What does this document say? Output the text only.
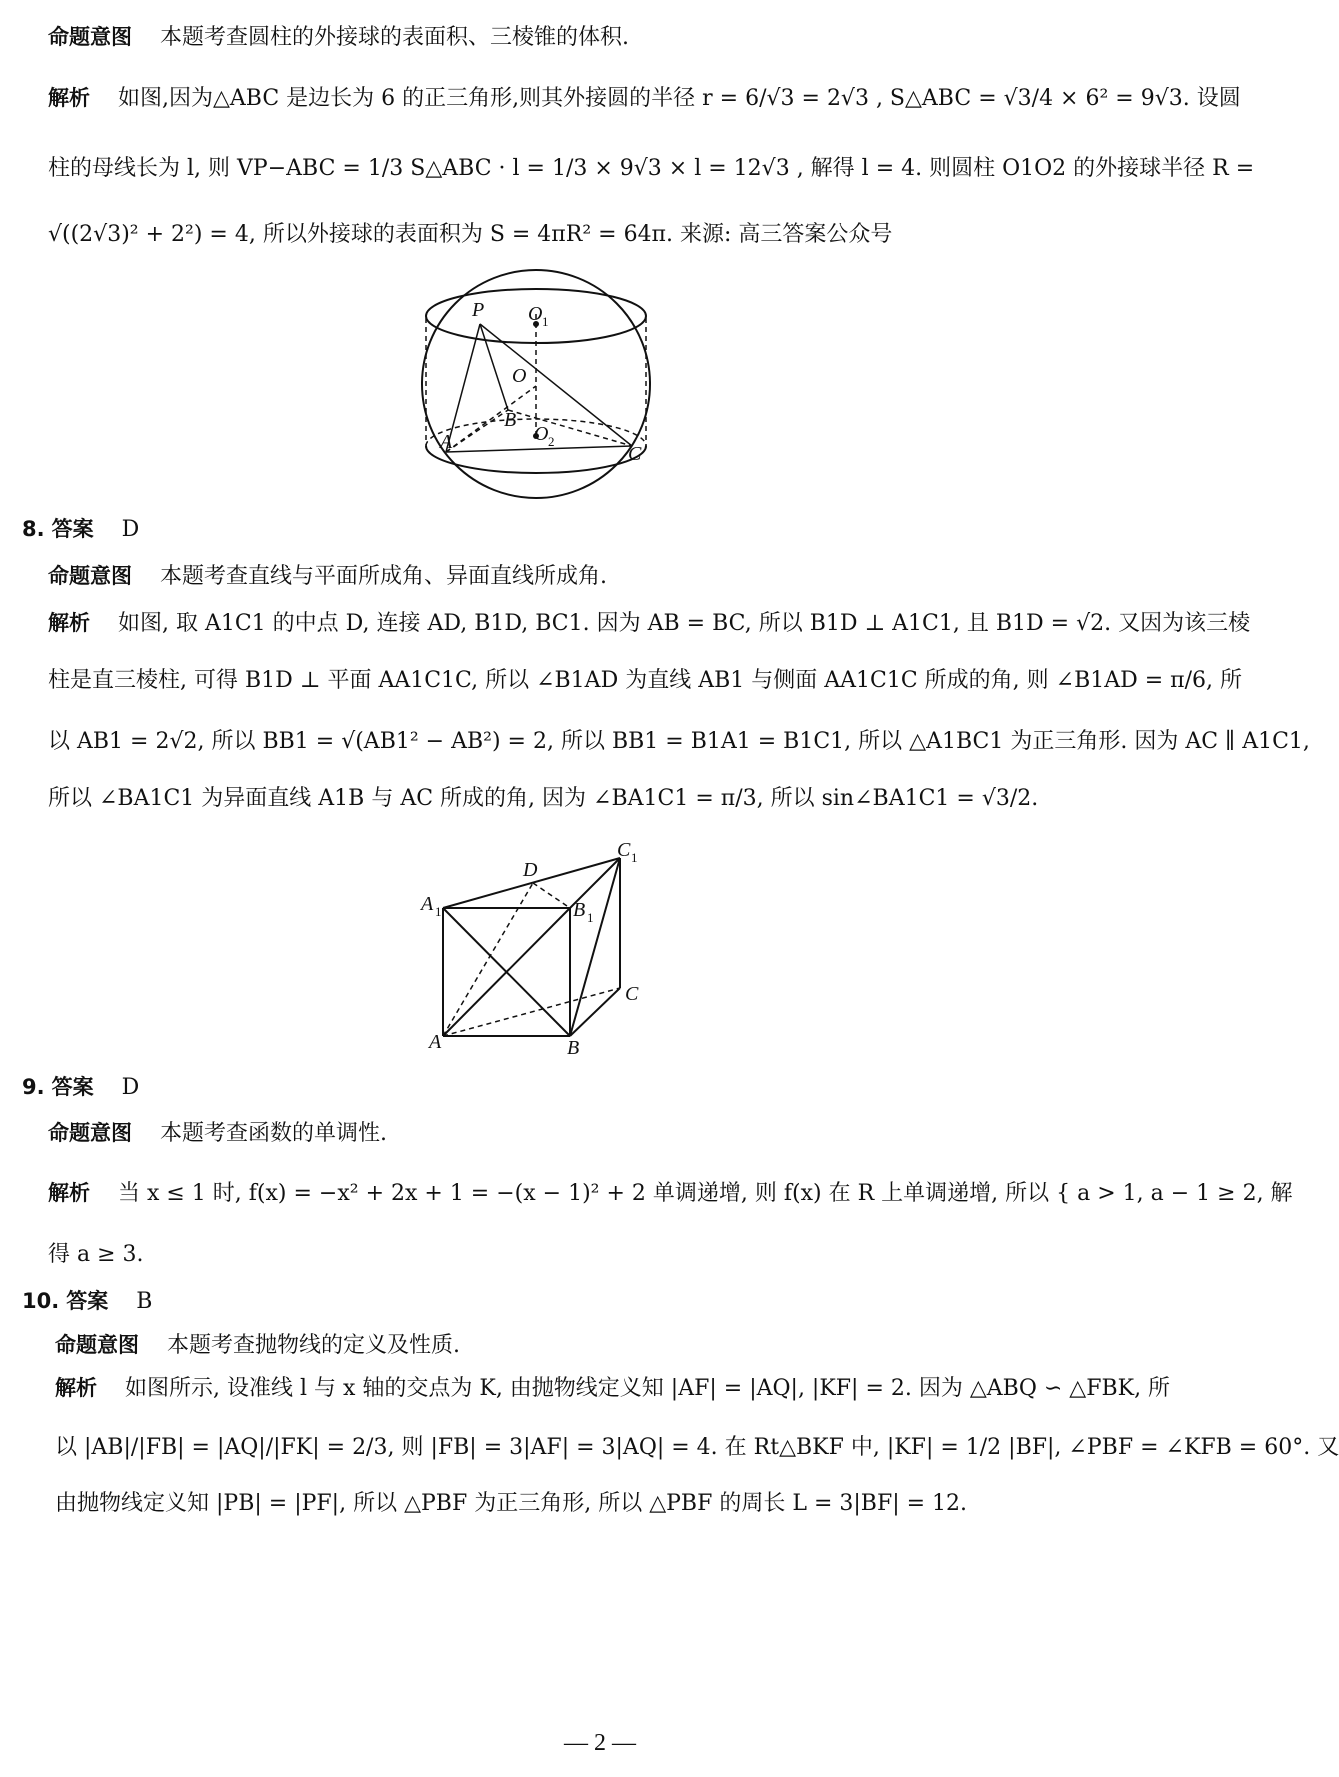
命题意图 本题考查圆柱的外接球的表面积、三棱锥的体积.
解析 如图,因为△ABC 是边长为 6 的正三角形,则其外接圆的半径 r = 6/√3 = 2√3 , S△ABC = √3/4 × 6² = 9√3. 设圆
柱的母线长为 l, 则 VP−ABC = 1/3 S△ABC · l = 1/3 × 9√3 × l = 12√3 , 解得 l = 4. 则圆柱 O1O2 的外接球半径 R =
√((2√3)² + 2²) = 4, 所以外接球的表面积为 S = 4πR² = 64π. 来源: 高三答案公众号
P O 1
O
B
O 2
A
C
8. 答案 D
命题意图 本题考查直线与平面所成角、异面直线所成角.
解析 如图, 取 A1C1 的中点 D, 连接 AD, B1D, BC1. 因为 AB = BC, 所以 B1D ⊥ A1C1, 且 B1D = √2. 又因为该三棱
柱是直三棱柱, 可得 B1D ⊥ 平面 AA1C1C, 所以 ∠B1AD 为直线 AB1 与侧面 AA1C1C 所成的角, 则 ∠B1AD = π/6, 所
以 AB1 = 2√2, 所以 BB1 = √(AB1² − AB²) = 2, 所以 BB1 = B1A1 = B1C1, 所以 △A1BC1 为正三角形. 因为 AC ∥ A1C1,
所以 ∠BA1C1 为异面直线 A1B 与 AC 所成的角, 因为 ∠BA1C1 = π/3, 所以 sin∠BA1C1 = √3/2.
A 1
D
C 1
B 1
C
A	B
9. 答案 D
命题意图 本题考查函数的单调性.
解析 当 x ≤ 1 时, f(x) = −x² + 2x + 1 = −(x − 1)² + 2 单调递增, 则 f(x) 在 R 上单调递增, 所以 { a > 1, a − 1 ≥ 2, 解
得 a ≥ 3.
10. 答案 B
命题意图 本题考查抛物线的定义及性质.
解析 如图所示, 设准线 l 与 x 轴的交点为 K, 由抛物线定义知 |AF| = |AQ|, |KF| = 2. 因为 △ABQ ∽ △FBK, 所
以 |AB|/|FB| = |AQ|/|FK| = 2/3, 则 |FB| = 3|AF| = 3|AQ| = 4. 在 Rt△BKF 中, |KF| = 1/2 |BF|, ∠PBF = ∠KFB = 60°. 又
由抛物线定义知 |PB| = |PF|, 所以 △PBF 为正三角形, 所以 △PBF 的周长 L = 3|BF| = 12.
— 2 —
